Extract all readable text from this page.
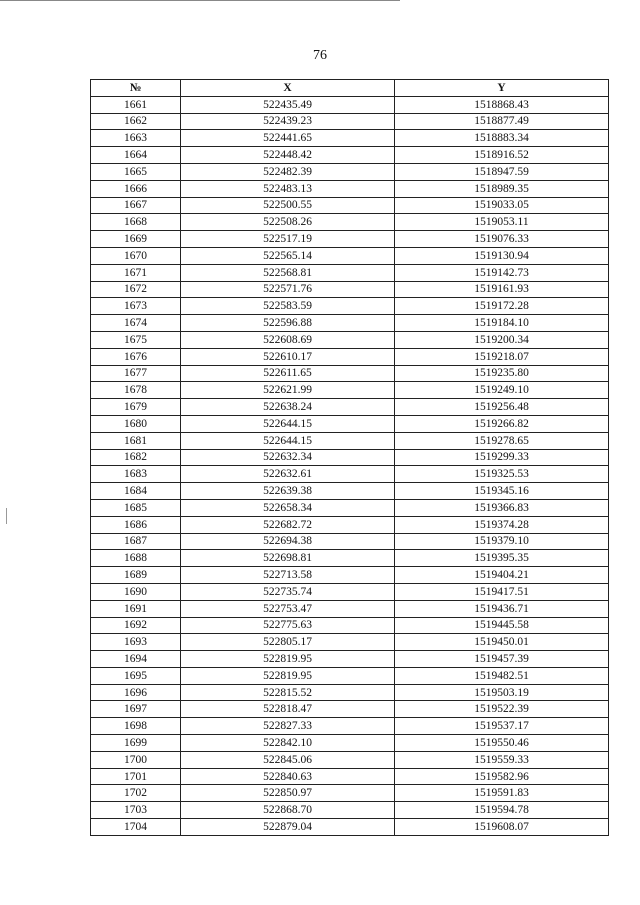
76
№	X	Y
1661	522435.49	1518868.43
1662	522439.23	1518877.49
1663	522441.65	1518883.34
1664	522448.42	1518916.52
1665	522482.39	1518947.59
1666	522483.13	1518989.35
1667	522500.55	1519033.05
1668	522508.26	1519053.11
1669	522517.19	1519076.33
1670	522565.14	1519130.94
1671	522568.81	1519142.73
1672	522571.76	1519161.93
1673	522583.59	1519172.28
1674	522596.88	1519184.10
1675	522608.69	1519200.34
1676	522610.17	1519218.07
1677	522611.65	1519235.80
1678	522621.99	1519249.10
1679	522638.24	1519256.48
1680	522644.15	1519266.82
1681	522644.15	1519278.65
1682	522632.34	1519299.33
1683	522632.61	1519325.53
1684	522639.38	1519345.16
1685	522658.34	1519366.83
1686	522682.72	1519374.28
1687	522694.38	1519379.10
1688	522698.81	1519395.35
1689	522713.58	1519404.21
1690	522735.74	1519417.51
1691	522753.47	1519436.71
1692	522775.63	1519445.58
1693	522805.17	1519450.01
1694	522819.95	1519457.39
1695	522819.95	1519482.51
1696	522815.52	1519503.19
1697	522818.47	1519522.39
1698	522827.33	1519537.17
1699	522842.10	1519550.46
1700	522845.06	1519559.33
1701	522840.63	1519582.96
1702	522850.97	1519591.83
1703	522868.70	1519594.78
1704	522879.04	1519608.07
